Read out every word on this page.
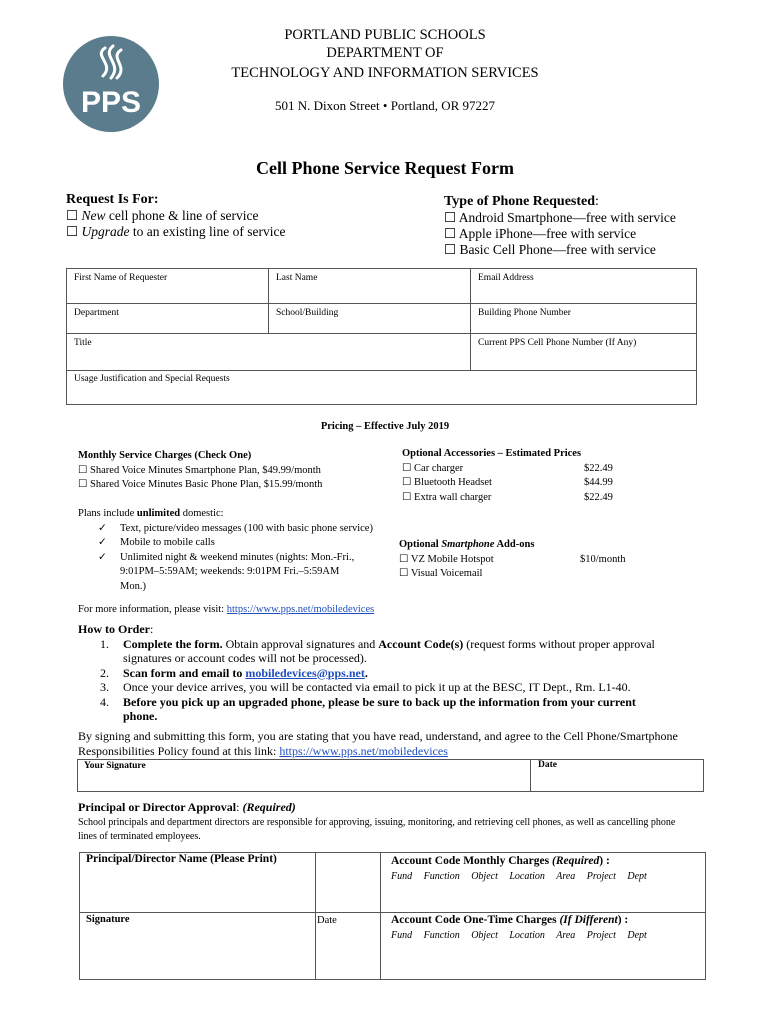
PPS
PORTLAND PUBLIC SCHOOLS
DEPARTMENT OF
TECHNOLOGY AND INFORMATION SERVICES
501 N. Dixon Street • Portland, OR 97227
Cell Phone Service Request Form
Request Is For:
☐ New cell phone & line of service
☐ Upgrade to an existing line of service
Type of Phone Requested:
☐ Android Smartphone—free with service
☐ Apple iPhone—free with service
☐ Basic Cell Phone—free with service
First Name of Requester	Last Name	Email Address
Department	School/Building	Building Phone Number
Title	Current PPS Cell Phone Number (If Any)
Usage Justification and Special Requests
Pricing – Effective July 2019
Monthly Service Charges (Check One)
☐ Shared Voice Minutes Smartphone Plan, $49.99/month
☐ Shared Voice Minutes Basic Phone Plan, $15.99/month
Plans include unlimited domestic:
✓ Text, picture/video messages (100 with basic phone service)
✓ Mobile to mobile calls
✓ Unlimited night & weekend minutes (nights: Mon.-Fri., 9:01PM–5:59AM; weekends: 9:01PM Fri.–5:59AM Mon.)
For more information, please visit: https://www.pps.net/mobiledevices
Optional Accessories – Estimated Prices
☐ Car charger	$22.49
☐ Bluetooth Headset	$44.99
☐ Extra wall charger	$22.49
Optional Smartphone Add-ons
☐ VZ Mobile Hotspot	$10/month
☐ Visual Voicemail
How to Order:
1. Complete the form. Obtain approval signatures and Account Code(s) (request forms without proper approval signatures or account codes will not be processed).
2. Scan form and email to mobiledevices@pps.net.
3. Once your device arrives, you will be contacted via email to pick it up at the BESC, IT Dept., Rm. L1-40.
4. Before you pick up an upgraded phone, please be sure to back up the information from your current phone.
By signing and submitting this form, you are stating that you have read, understand, and agree to the Cell Phone/Smartphone Responsibilities Policy found at this link: https://www.pps.net/mobiledevices
Your Signature	Date
Principal or Director Approval: (Required)
School principals and department directors are responsible for approving, issuing, monitoring, and retrieving cell phones, as well as cancelling phone lines of terminated employees.
Principal/Director Name (Please Print)
Signature	Date
Account Code Monthly Charges (Required) :
Fund Function Object Location Area Project Dept
Account Code One-Time Charges (If Different) :
Fund Function Object Location Area Project Dept
